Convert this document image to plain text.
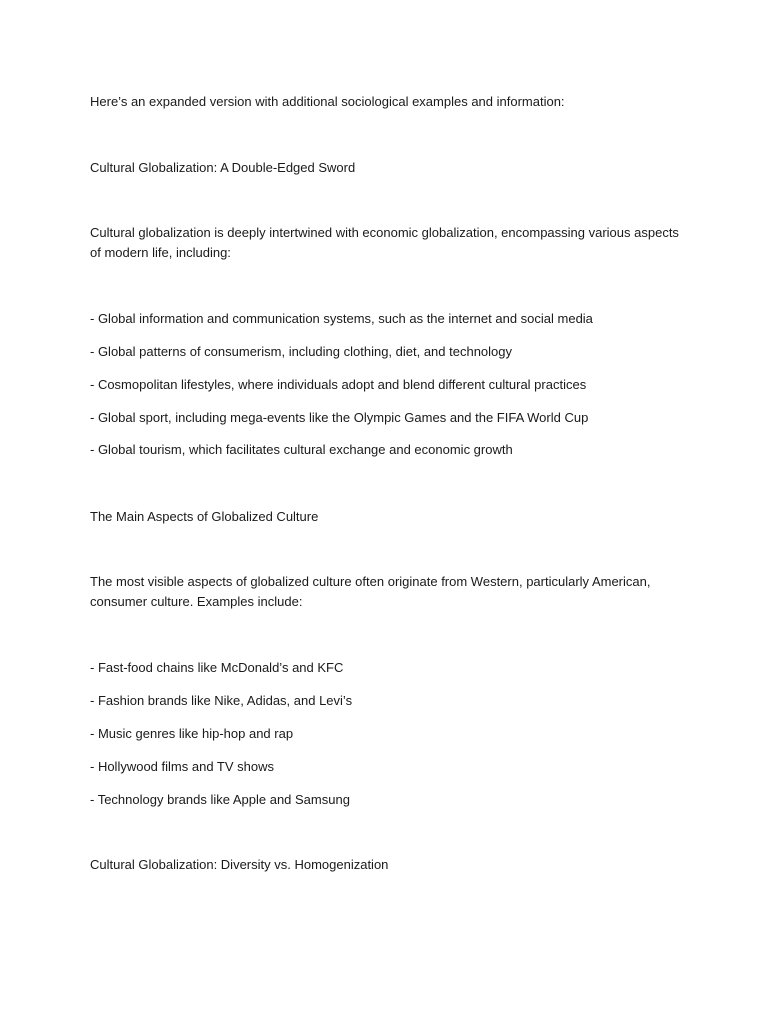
Here’s an expanded version with additional sociological examples and information:

Cultural Globalization: A Double-Edged Sword

Cultural globalization is deeply intertwined with economic globalization, encompassing various aspects of modern life, including:

- Global information and communication systems, such as the internet and social media

- Global patterns of consumerism, including clothing, diet, and technology

- Cosmopolitan lifestyles, where individuals adopt and blend different cultural practices

- Global sport, including mega-events like the Olympic Games and the FIFA World Cup

- Global tourism, which facilitates cultural exchange and economic growth

The Main Aspects of Globalized Culture

The most visible aspects of globalized culture often originate from Western, particularly American, consumer culture. Examples include:

- Fast-food chains like McDonald’s and KFC

- Fashion brands like Nike, Adidas, and Levi’s

- Music genres like hip-hop and rap

- Hollywood films and TV shows

- Technology brands like Apple and Samsung

Cultural Globalization: Diversity vs. Homogenization
